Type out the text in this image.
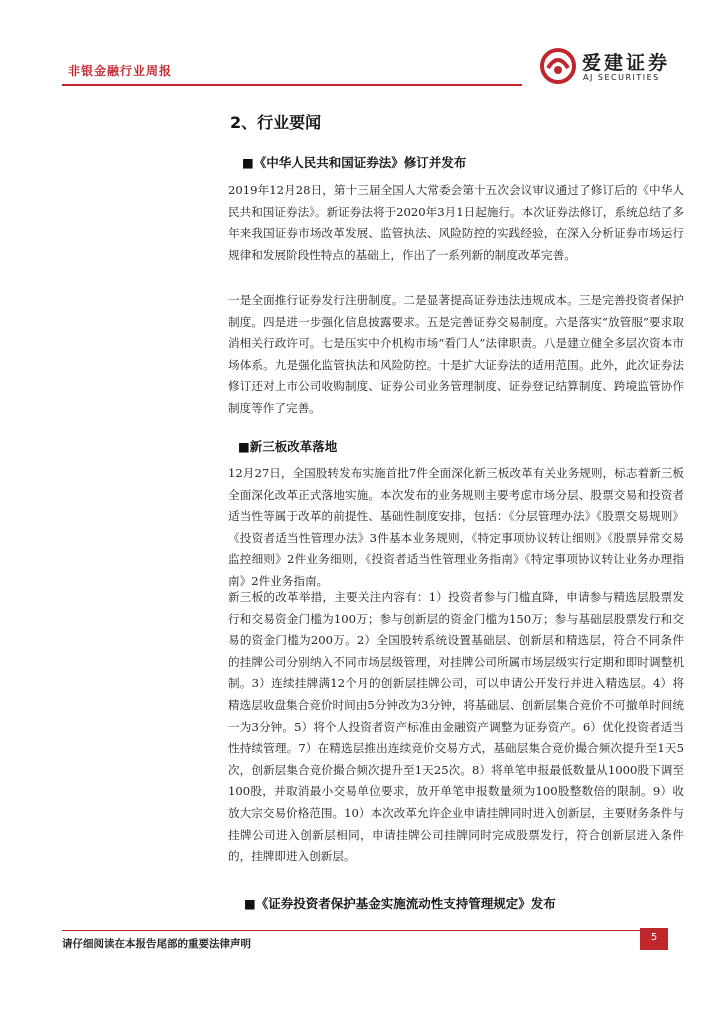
非银金融行业周报	爱建证券
AJ SECURITIES
2、行业要闻
■《中华人民共和国证券法》修订并发布

2019年12月28日，第十三届全国人大常委会第十五次会议审议通过了修订后的《中华人民共和国证券法》。新证券法将于2020年3月1日起施行。本次证券法修订，系统总结了多年来我国证券市场改革发展、监管执法、风险防控的实践经验，在深入分析证券市场运行规律和发展阶段性特点的基础上，作出了一系列新的制度改革完善。

一是全面推行证券发行注册制度。二是显著提高证券违法违规成本。三是完善投资者保护制度。四是进一步强化信息披露要求。五是完善证券交易制度。六是落实“放管服”要求取消相关行政许可。七是压实中介机构市场“看门人”法律职责。八是建立健全多层次资本市场体系。九是强化监管执法和风险防控。十是扩大证券法的适用范围。此外，此次证券法修订还对上市公司收购制度、证券公司业务管理制度、证券登记结算制度、跨境监管协作制度等作了完善。

■新三板改革落地

12月27日，全国股转发布实施首批7件全面深化新三板改革有关业务规则，标志着新三板全面深化改革正式落地实施。本次发布的业务规则主要考虑市场分层、股票交易和投资者适当性等属于改革的前提性、基础性制度安排，包括：《分层管理办法》《股票交易规则》《投资者适当性管理办法》3件基本业务规则，《特定事项协议转让细则》《股票异常交易监控细则》2件业务细则，《投资者适当性管理业务指南》《特定事项协议转让业务办理指南》2件业务指南。

新三板的改革举措，主要关注内容有：1）投资者参与门槛直降，申请参与精选层股票发行和交易资金门槛为100万；参与创新层的资金门槛为150万；参与基础层股票发行和交易的资金门槛为200万。2）全国股转系统设置基础层、创新层和精选层，符合不同条件的挂牌公司分别纳入不同市场层级管理，对挂牌公司所属市场层级实行定期和即时调整机制。3）连续挂牌满12个月的创新层挂牌公司，可以申请公开发行并进入精选层。4）将精选层收盘集合竞价时间由5分钟改为3分钟，将基础层、创新层集合竞价不可撤单时间统一为3分钟。5）将个人投资者资产标准由金融资产调整为证券资产。6）优化投资者适当性持续管理。7）在精选层推出连续竞价交易方式，基础层集合竞价撮合频次提升至1天5次，创新层集合竞价撮合频次提升至1天25次。8）将单笔申报最低数量从1000股下调至100股，并取消最小交易单位要求，放开单笔申报数量须为100股整数倍的限制。9）收放大宗交易价格范围。10）本次改革允许企业申请挂牌同时进入创新层，主要财务条件与挂牌公司进入创新层相同，申请挂牌公司挂牌同时完成股票发行，符合创新层进入条件的，挂牌即进入创新层。

■《证券投资者保护基金实施流动性支持管理规定》发布
请仔细阅读在本报告尾部的重要法律声明
5
